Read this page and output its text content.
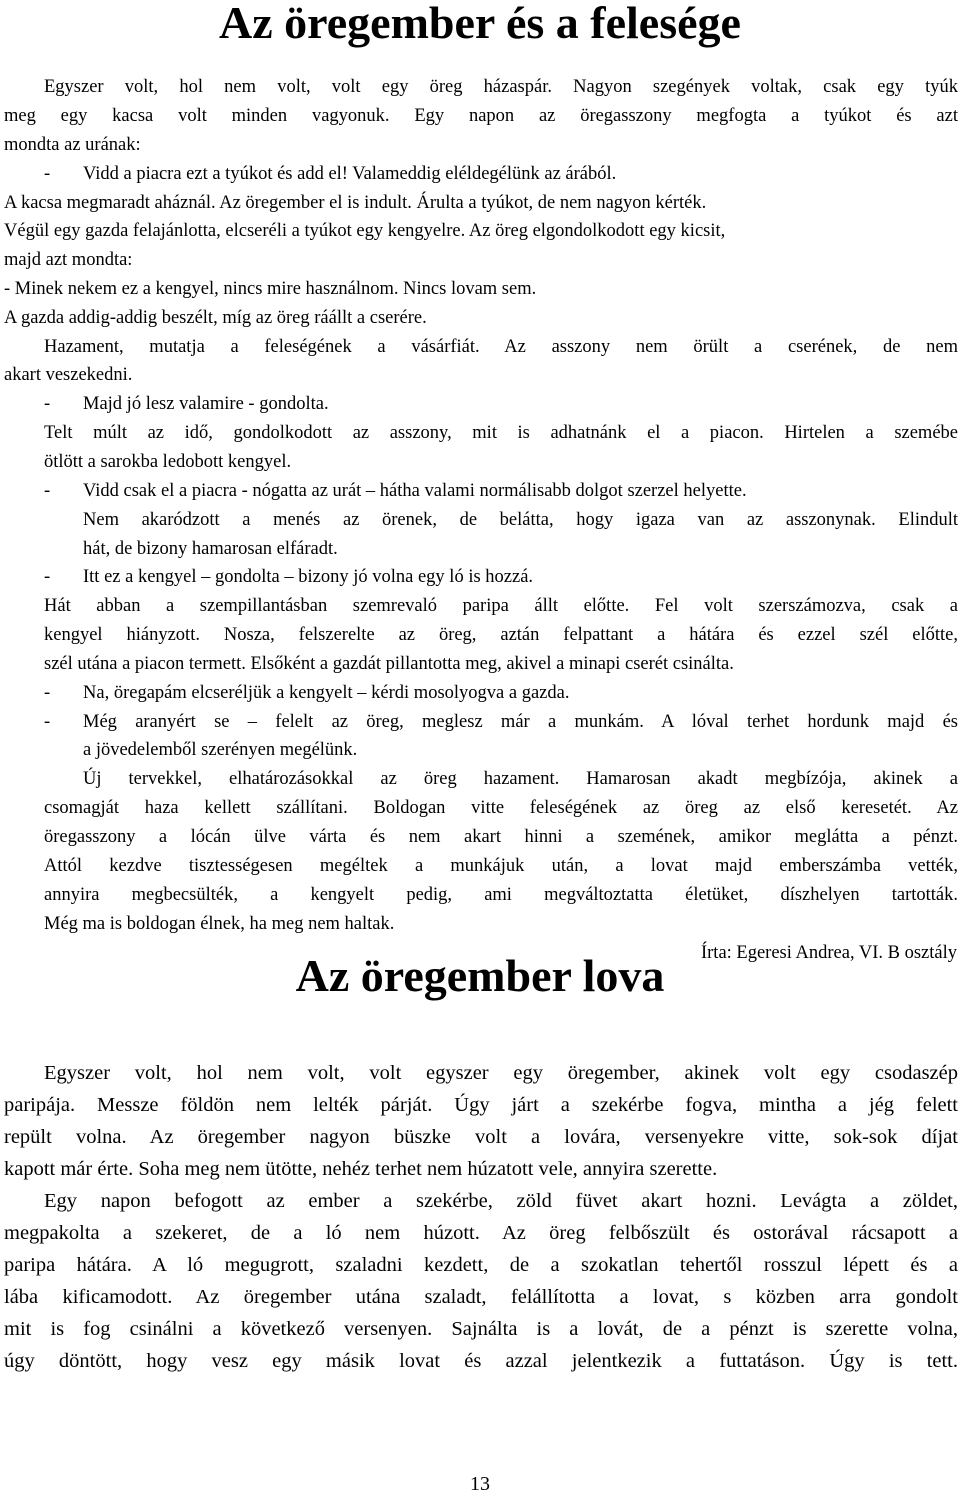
Az öregember és a felesége
Egyszer volt, hol nem volt, volt egy öreg házaspár. Nagyon szegények voltak, csak egy tyúk
meg egy kacsa volt minden vagyonuk. Egy napon az öregasszony megfogta a tyúkot és azt
mondta az urának:
- Vidd a piacra ezt a tyúkot és add el! Valameddig eléldegélünk az árából.
A kacsa megmaradt aháznál. Az öregember el is indult. Árulta a tyúkot, de nem nagyon kérték.
Végül egy gazda felajánlotta, elcseréli a tyúkot egy kengyelre. Az öreg elgondolkodott egy kicsit,
majd azt mondta:
- Minek nekem ez a kengyel, nincs mire használnom. Nincs lovam sem.
A gazda addig-addig beszélt, míg az öreg ráállt a cserére.
Hazament, mutatja a feleségének a vásárfiát. Az asszony nem örült a cserének, de nem
akart veszekedni.
- Majd jó lesz valamire - gondolta.
Telt múlt az idő, gondolkodott az asszony, mit is adhatnánk el a piacon. Hirtelen a szemébe
ötlött a sarokba ledobott kengyel.
- Vidd csak el a piacra - nógatta az urát – hátha valami normálisabb dolgot szerzel helyette.
Nem akaródzott a menés az örenek, de belátta, hogy igaza van az asszonynak. Elindult
hát, de bizony hamarosan elfáradt.
- Itt ez a kengyel – gondolta – bizony jó volna egy ló is hozzá.
Hát abban a szempillantásban szemrevaló paripa állt előtte. Fel volt szerszámozva, csak a
kengyel hiányzott. Nosza, felszerelte az öreg, aztán felpattant a hátára és ezzel szél előtte,
szél utána a piacon termett. Elsőként a gazdát pillantotta meg, akivel a minapi cserét csinálta.
- Na, öregapám elcseréljük a kengyelt – kérdi mosolyogva a gazda.
- Még aranyért se – felelt az öreg, meglesz már a munkám. A lóval terhet hordunk majd és
a jövedelemből szerényen megélünk.
Új tervekkel, elhatározásokkal az öreg hazament. Hamarosan akadt megbízója, akinek a
csomagját haza kellett szállítani. Boldogan vitte feleségének az öreg az első keresetét. Az
öregasszony a lócán ülve várta és nem akart hinni a szemének, amikor meglátta a pénzt.
Attól kezdve tisztességesen megéltek a munkájuk után, a lovat majd emberszámba vették,
annyira megbecsülték, a kengyelt pedig, ami megváltoztatta életüket, díszhelyen tartották.
Még ma is boldogan élnek, ha meg nem haltak.
Írta: Egeresi Andrea, VI. B osztály
Az öregember lova
Egyszer volt, hol nem volt, volt egyszer egy öregember, akinek volt egy csodaszép
paripája. Messze földön nem lelték párját. Úgy járt a szekérbe fogva, mintha a jég felett
repült volna. Az öregember nagyon büszke volt a lovára, versenyekre vitte, sok-sok díjat
kapott már érte. Soha meg nem ütötte, nehéz terhet nem húzatott vele, annyira szerette.
Egy napon befogott az ember a szekérbe, zöld füvet akart hozni. Levágta a zöldet,
megpakolta a szekeret, de a ló nem húzott. Az öreg felbőszült és ostorával rácsapott a
paripa hátára. A ló megugrott, szaladni kezdett, de a szokatlan tehertől rosszul lépett és a
lába kificamodott. Az öregember utána szaladt, felállította a lovat, s közben arra gondolt
mit is fog csinálni a következő versenyen. Sajnálta is a lovát, de a pénzt is szerette volna,
úgy döntött, hogy vesz egy másik lovat és azzal jelentkezik a futtatáson. Úgy is tett.
13
